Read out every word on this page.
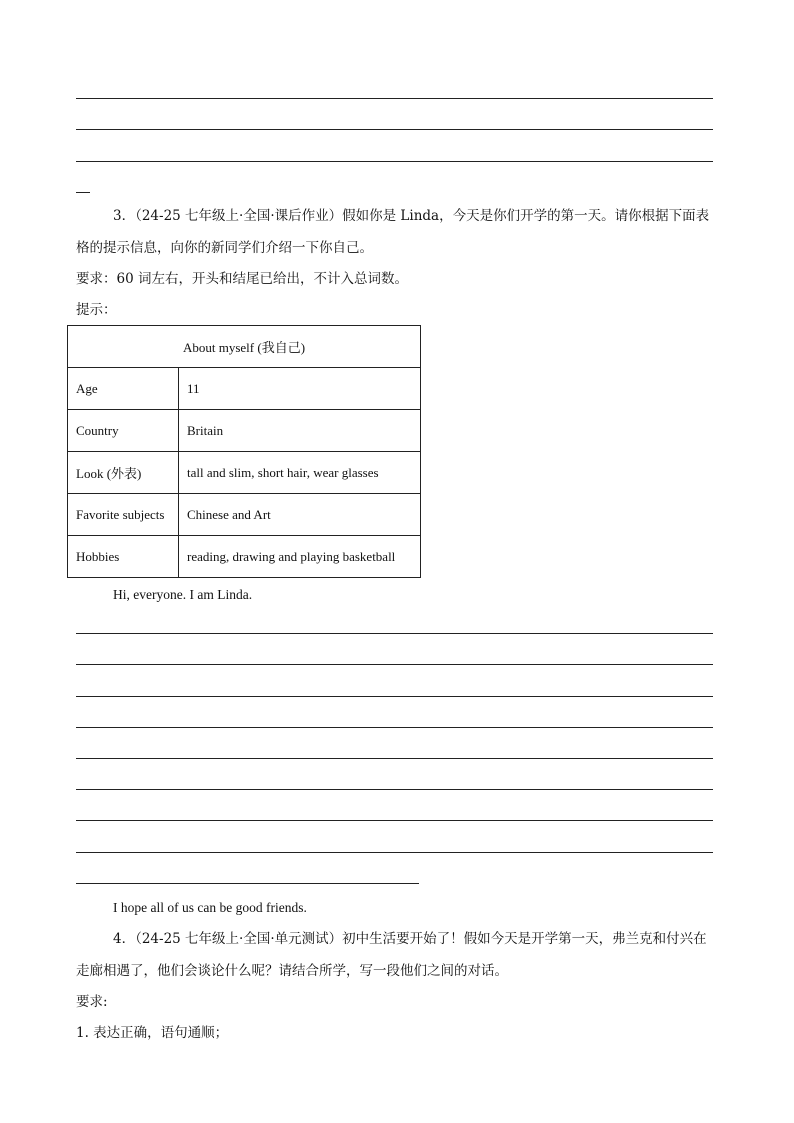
3．（24-25 七年级上·全国·课后作业）假如你是 Linda，今天是你们开学的第一天。请你根据下面表
格的提示信息，向你的新同学们介绍一下你自己。
要求：60 词左右，开头和结尾已给出，不计入总词数。
提示：
About myself (我自己)	
Age	11
Country	Britain
Look (外表)	tall and slim, short hair, wear glasses
Favorite subjects	Chinese and Art
Hobbies	reading, drawing and playing basketball
Hi, everyone. I am Linda.
I hope all of us can be good friends.
4．（24-25 七年级上·全国·单元测试）初中生活要开始了！假如今天是开学第一天，弗兰克和付兴在
走廊相遇了，他们会谈论什么呢？请结合所学，写一段他们之间的对话。
要求:
1. 表达正确，语句通顺；
